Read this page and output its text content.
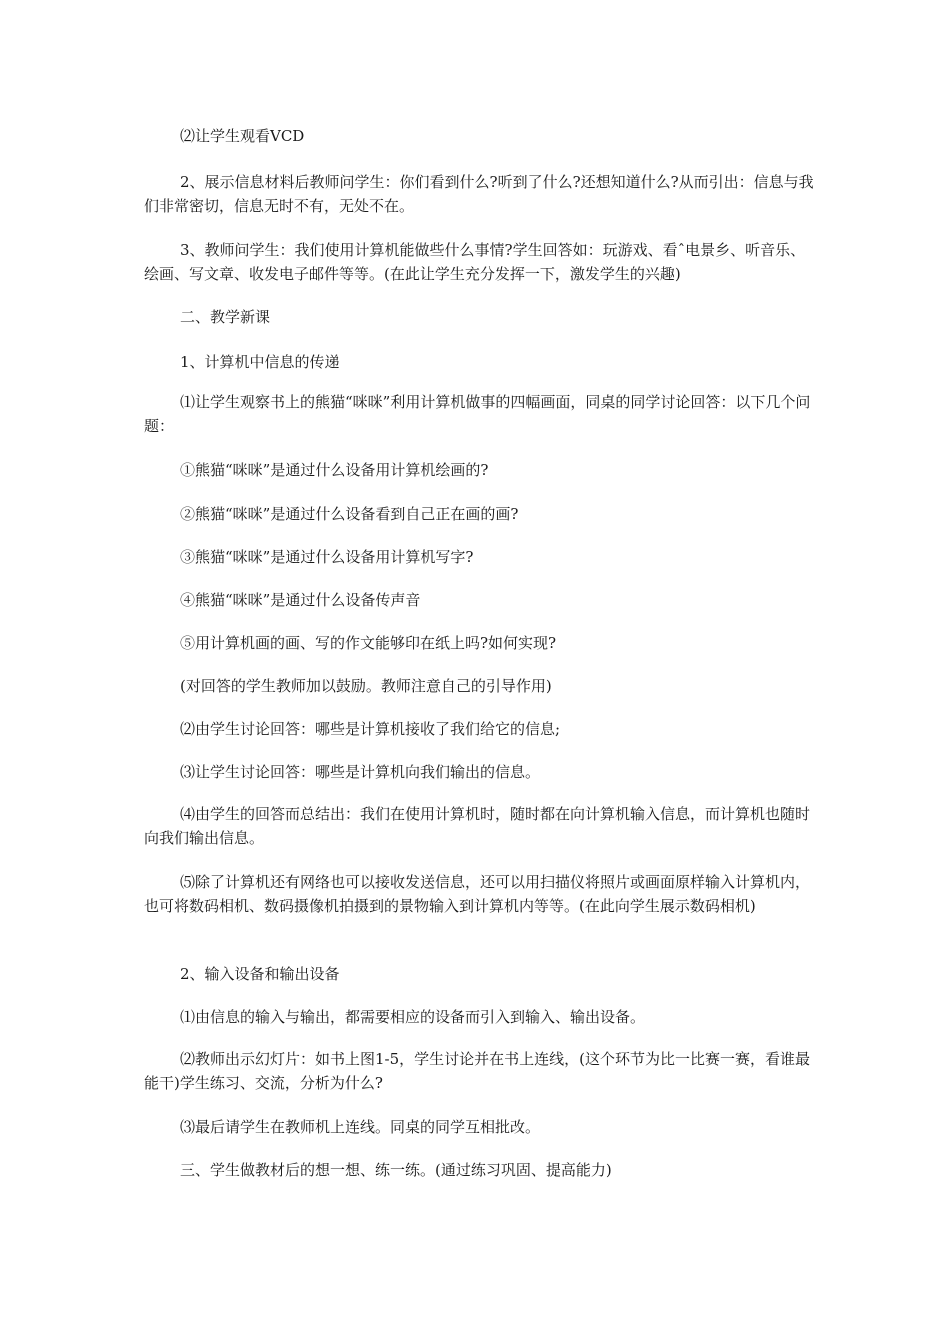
⑵让学生观看VCD

2、展示信息材料后教师问学生：你们看到什么?听到了什么?还想知道什么?从而引出：信息与我们非常密切，信息无时不有，无处不在。

3、教师问学生：我们使用计算机能做些什么事情?学生回答如：玩游戏、看ˆ电景乡、听音乐、绘画、写文章、收发电子邮件等等。(在此让学生充分发挥一下，激发学生的兴趣)

二、教学新课

1、计算机中信息的传递

⑴让学生观察书上的熊猫“咪咪”利用计算机做事的四幅画面，同桌的同学讨论回答：以下几个问题：

①熊猫“咪咪”是通过什么设备用计算机绘画的?

②熊猫“咪咪”是通过什么设备看到自己正在画的画?

③熊猫“咪咪”是通过什么设备用计算机写字?

④熊猫“咪咪”是通过什么设备传声音

⑤用计算机画的画、写的作文能够印在纸上吗?如何实现?

(对回答的学生教师加以鼓励。教师注意自己的引导作用)

⑵由学生讨论回答：哪些是计算机接收了我们给它的信息;

⑶让学生讨论回答：哪些是计算机向我们输出的信息。

⑷由学生的回答而总结出：我们在使用计算机时，随时都在向计算机输入信息，而计算机也随时向我们输出信息。

⑸除了计算机还有网络也可以接收发送信息，还可以用扫描仪将照片或画面原样输入计算机内，也可将数码相机、数码摄像机拍摄到的景物输入到计算机内等等。(在此向学生展示数码相机)

2、输入设备和输出设备

⑴由信息的输入与输出，都需要相应的设备而引入到输入、输出设备。

⑵教师出示幻灯片：如书上图1-5，学生讨论并在书上连线，(这个环节为比一比赛一赛，看谁最能干)学生练习、交流，分析为什么?

⑶最后请学生在教师机上连线。同桌的同学互相批改。

三、学生做教材后的想一想、练一练。(通过练习巩固、提高能力)
